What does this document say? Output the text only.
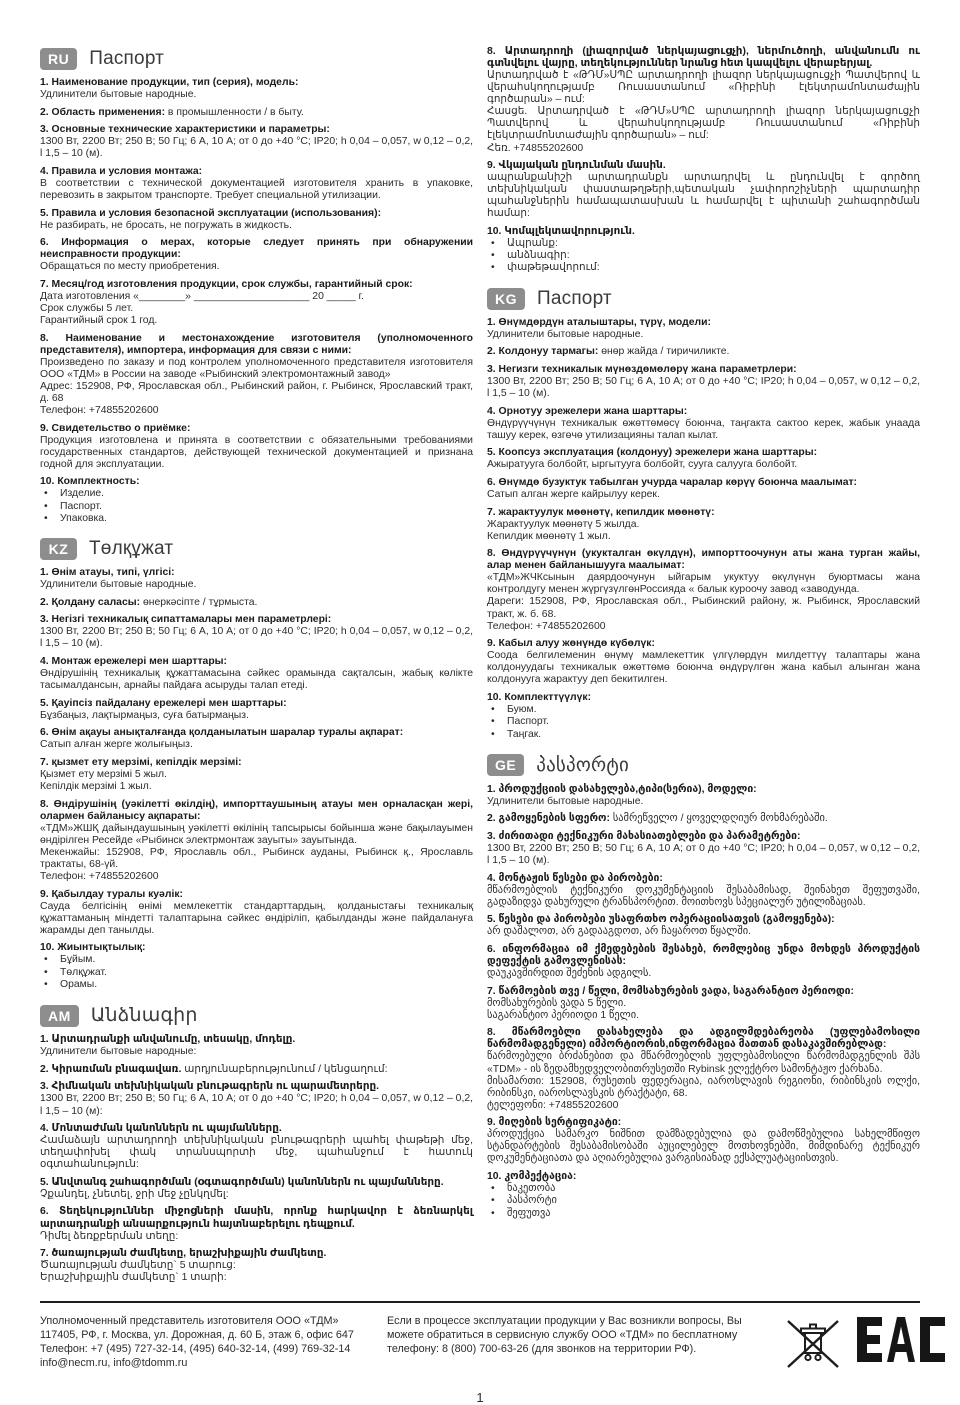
RU	Паспорт

1. Наименование продукции, тип (серия), модель:

Удлинители бытовые народные.

2. Область применения: в промышленности / в быту.

3. Основные технические характеристики и параметры:

1300 Вт, 2200 Вт; 250 В; 50 Гц; 6 А, 10 А; от 0 до +40 °С; IP20; h 0,04 – 0,057, w 0,12 – 0,2, l 1,5 – 10 (м).

4. Правила и условия монтажа:

В соответствии с технической документацией изготовителя хранить в упаковке, перевозить в закрытом транспорте. Требует специальной утилизации.

5. Правила и условия безопасной эксплуатации (использования):

Не разбирать, не бросать, не погружать в жидкость.

6. Информация о мерах, которые следует принять при обнаружении неисправности продукции:

Обращаться по месту приобретения.

7. Месяц/год изготовления продукции, срок службы, гарантийный срок:

Дата изготовления «________» ____________________ 20 _____ г.

Срок службы 5 лет.

Гарантийный срок 1 год.

8. Наименование и местонахождение изготовителя (уполномоченного представителя), импортера, информация для связи с ними:

Произведено по заказу и под контролем уполномоченного представителя изготовителя ООО «ТДМ» в России на заводе «Рыбинский электромонтажный завод»

Адрес: 152908, РФ, Ярославская обл., Рыбинский район, г. Рыбинск, Ярославский тракт, д. 68

Телефон: +74855202600

9. Свидетельство о приёмке:

Продукция изготовлена и принята в соответствии с обязательными требованиями государственных стандартов, действующей технической документацией и признана годной для эксплуатации.

10. Комплектность:

• Изделие.

• Паспорт.

• Упаковка.

KZ	Төлқұжат

1. Өнім атауы, типі, үлгісі:

Удлинители бытовые народные.

2. Қолдану саласы: өнеркәсіпте / тұрмыста.

3. Негізгі техникалық сипаттамалары мен параметрлері:

1300 Вт, 2200 Вт; 250 В; 50 Гц; 6 А, 10 А; от 0 до +40 °С; IP20; h 0,04 – 0,057, w 0,12 – 0,2, l 1,5 – 10 (м).

4. Монтаж ережелері мен шарттары:

Өндірушінің техникалық құжаттамасына сәйкес орамында сақталсын, жабық көлікте тасымалдансын, арнайы пайдаға асыруды талап етеді.

5. Қауіпсіз пайдалану ережелері мен шарттары:

Бұзбаңыз, лақтырмаңыз, суға батырмаңыз.

6. Өнім ақауы анықталғанда қолданылатын шаралар туралы ақпарат:

Сатып алған жерге жолығыңыз.

7. қызмет ету мерзімі, кепілдік мерзімі:

Қызмет ету мерзімі 5 жыл.

Кепілдік мерзімі 1 жыл.

8. Өндірушінің (уәкілетті өкілдің), импорттаушының атауы мен орналасқан жері, олармен байланысу ақпараты:

«ТДМ»ЖШҚ дайындаушының уәкілетті өкілінің тапсырысы бойынша және бақылауымен өндірілген Ресейде «Рыбинск электрмонтаж зауыты» зауытында.

Мекенжайы: 152908, РФ, Ярославль обл., Рыбинск ауданы, Рыбинск қ., Ярославль трактаты, 68-үй.

Телефон: +74855202600

9. Қабылдау туралы куәлік:

Сауда белгісінің өнімі мемлекеттік стандарттардың, қолданыстағы техникалық құжаттаманың міндетті талаптарына сәйкес өндіріліп, қабылданды және пайдалануға жарамды деп танылды.

10. Жиынтықтылық:

• Бұйым.

• Төлқұжат.

• Орамы.

AM	Անձնագիր

1. Արտադրանքի անվանումը, տեսակը, մոդելը.

Удлинители бытовые народные:

2. Կիրառման բնագավառ. արդյունաբերությունում / կենցաղում:

3. Հիմնական տեխնիկական բնութագրերն ու պարամետրերը.

1300 Вт, 2200 Вт; 250 В; 50 Гц; 6 А, 10 А; от 0 до +40 °С; IP20; h 0,04 – 0,057, w 0,12 – 0,2, l 1,5 – 10 (м):

4. Մոնտաժման կանոններն ու պայմանները.

Համաձայն արտադրողի տեխնիկական բնութագրերի պահել փաթեթի մեջ, տեղափոխել փակ տրանսպորտի մեջ, պահանջում է հատուկ օգտահանություն:

5. Անվտանգ շահագործման (օգտագործման) կանոններն ու պայմանները.

Չքանդել, չնետել, ջրի մեջ չընկղմել:

6. Տեղեկություններ միջոցների մասին, որոնք հարկավոր է ձեռնարկել արտադրանքի անսարքություն հայտնաբերելու դեպքում.

Դիմել ձեռքբերման տեղը:

7. ծառայության ժամկետը, երաշխիքային ժամկետը.

Ծառայության ժամկետը` 5 տարուց:

Երաշխիքային ժամկետը` 1 տարի:

8. Արտադրողի (լիազորված ներկայացուցչի), ներմուծողի, անվանումն ու գտնվելու վայրը, տեղեկություններ նրանց հետ կապվելու վերաբերյալ.

Արտադրված է «ԹԴՄ»ՍՊԸ արտադրողի լիազոր ներկայացուցչի Պատվերով և վերահսկողությամբ Ռուսաստանում «Ռիբինի էլեկտրամոնտաժային գործարան» – ում:

Հասցե. Արտադրված է «ԹԴՄ»ՍՊԸ արտադրողի լիազոր ներկայացուցչի Պատվերով և վերահսկողությամբ Ռուսաստանում «Ռիբինի էլեկտրամոնտաժային գործարան» – ում:

Հեռ. +74855202600

9. Վկայական ընդունման մասին.

ապրանքանիշի արտադրանքն արտադրվել և ընդունվել է գործող տեխնիկական փաստաթղթերի,պետական չափորոշիչների պարտադիր պահանջներին համապատասխան և համարվել է պիտանի շահագործման համար:

10. Կոմպլեկտավորություն.

• Ապրանք:

• անձնագիր:

• փաթեթավորում:

KG	Паспорт

1. Өнүмдөрдүн аталыштары, түрү, модели:

Удлинители бытовые народные.

2. Колдонуу тармагы: өнөр жайда / тиричиликте.

3. Негизги техникалык мүнөздөмөлөрү жана параметрлери:

1300 Вт, 2200 Вт; 250 В; 50 Гц; 6 А, 10 А; от 0 до +40 °С; IP20; h 0,04 – 0,057, w 0,12 – 0,2, l 1,5 – 10 (м).

4. Орнотуу эрежелери жана шарттары:

Өндүрүүчүнүн техникалык өжөттөмөсү боюнча, таңгакта сактоо керек, жабык унаада ташуу керек, өзгөчө утилизацияны талап кылат.

5. Коопсуз эксплуатация (колдонуу) эрежелери жана шарттары:

Ажыратууга болбойт, ыргытууга болбойт, сууга салууга болбойт.

6. Өнүмдө бузуктук табылган учурда чаралар көрүү боюнча маалымат:

Сатып алган жерге кайрылуу керек.

7. жарактуулук мөөнөтү, кепилдик мөөнөтү:

Жарактуулук мөөнөтү 5 жылда.

Кепилдик мөөнөтү 1 жыл.

8. Өндүрүүчүнүн (укукталган өкүлдүн), импорттоочунун аты жана турган жайы, алар менен байланышууга маалымат:

«ТДМ»ЖЧКсынын даярдоочунун ыйгарым укуктуу өкүлүнүн буюртмасы жана контролдугу менен жүргүзүлгөнРоссияда « балык куроочу завод «заводунда.

Дареги: 152908, РФ, Ярославская обл., Рыбинский району, ж. Рыбинск, Ярославский тракт, ж. б. 68.

Телефон: +74855202600

9. Кабыл алуу жөнүндө күбөлүк:

Соода белгилеменин өнүмү мамлекеттик үлгүлөрдүн милдеттүү талаптары жана колдонуудагы техникалык өжөттөмө боюнча өндүрүлгөн жана кабыл алынган жана колдонууга жарактуу деп бекитилген.

10. Комплекттүүлүк:

• Буюм.

• Паспорт.

• Таңгак.

GE	პასპორტი

1. პროდუქციის დასახელება,ტიპი(სერია), მოდელი:

Удлинители бытовые народные.

2. გამოყენების სფერო: სამრეწველო / ყოველდღიურ მოხმარებაში.

3. ძირითადი ტექნიკური მახასიათებლები და პარამეტრები:

1300 Вт, 2200 Вт; 250 В; 50 Гц; 6 А, 10 А; от 0 до +40 °С; IP20; h 0,04 – 0,057, w 0,12 – 0,2, l 1,5 – 10 (м).

4. მონტაჟის წესები და პირობები:

მწარმოებლის ტექნიკური დოკუმენტაციის შესაბამისად, შეინახეთ შეფუთვაში, გადაზიდვა დახურული ტრანსპორტით. მოითხოვს სპეციალურ უტილიზაციას.

5. წესები და პირობები უსაფრთხო ოპერაციისათვის (გამოყენება):

არ დაშალოთ, არ გადააგდოთ, არ ჩაყაროთ წყალში.

6. ინფორმაცია იმ ქმედებების შესახებ, რომლებიც უნდა მოხდეს პროდუქტის დეფექტის გამოვლენისას:

დაუკავშირდით შეძენის ადგილს.

7. წარმოების თვე / წელი, მომსახურების ვადა, საგარანტიო პერიოდი:

მომსახურების ვადა 5 წელი.

საგარანტიო პერიოდი 1 წელი.

8. მწარმოებლი დასახელება და ადგილმდებარეობა (უფლებამოსილი წარმომადგენელი) იმპორტიორის,ინფორმაცია მათთან დასაკავშირებლად:

წარმოებული ბრძანებით და მწარმოებლის უფლებამოსილი წარმომადგენლის შპს «TDM» - ის ზედამხედველობითრუსეთში Rybinsk ელექტრო სამონტაჟო ქარხანა.

მისამართი: 152908, რუსეთის ფედერაცია, იაროსლავის რეგიონი, რიბინსკის ოლქი, რიბინსკი, იაროსლავსკის ტრაქტატი, 68.

ტელეფონი: +74855202600

9. მიღების სერტიფიკატი:

პროდუქცია სამარკო ნიშნით დამზადებულია და დამოწმებულია სახელმწიფო სტანდარტების შესაბამისობაში აუცილებელ მოთხოვნებში, მიმდინარე ტექნიკურ დოკუმენტაციათა და აღიარებულია ვარგისიანად ექსპლუატაციისთვის.

10. კომპექტაცია:

• ნაკეთობა

• პასპორტი

• შეფუთვა

Уполномоченный представитель изготовителя ООО «ТДМ»
117405, РФ, г. Москва, ул. Дорожная, д. 60 Б, этаж 6, офис 647
Телефон: +7 (495) 727-32-14, (495) 640-32-14, (499) 769-32-14
info@necm.ru, info@tdomm.ru
Если в процессе эксплуатации продукции у Вас возникли вопросы, Вы можете обратиться в сервисную службу ООО «ТДМ» по бесплатному телефону: 8 (800) 700-63-26 (для звонков на территории РФ).
1
